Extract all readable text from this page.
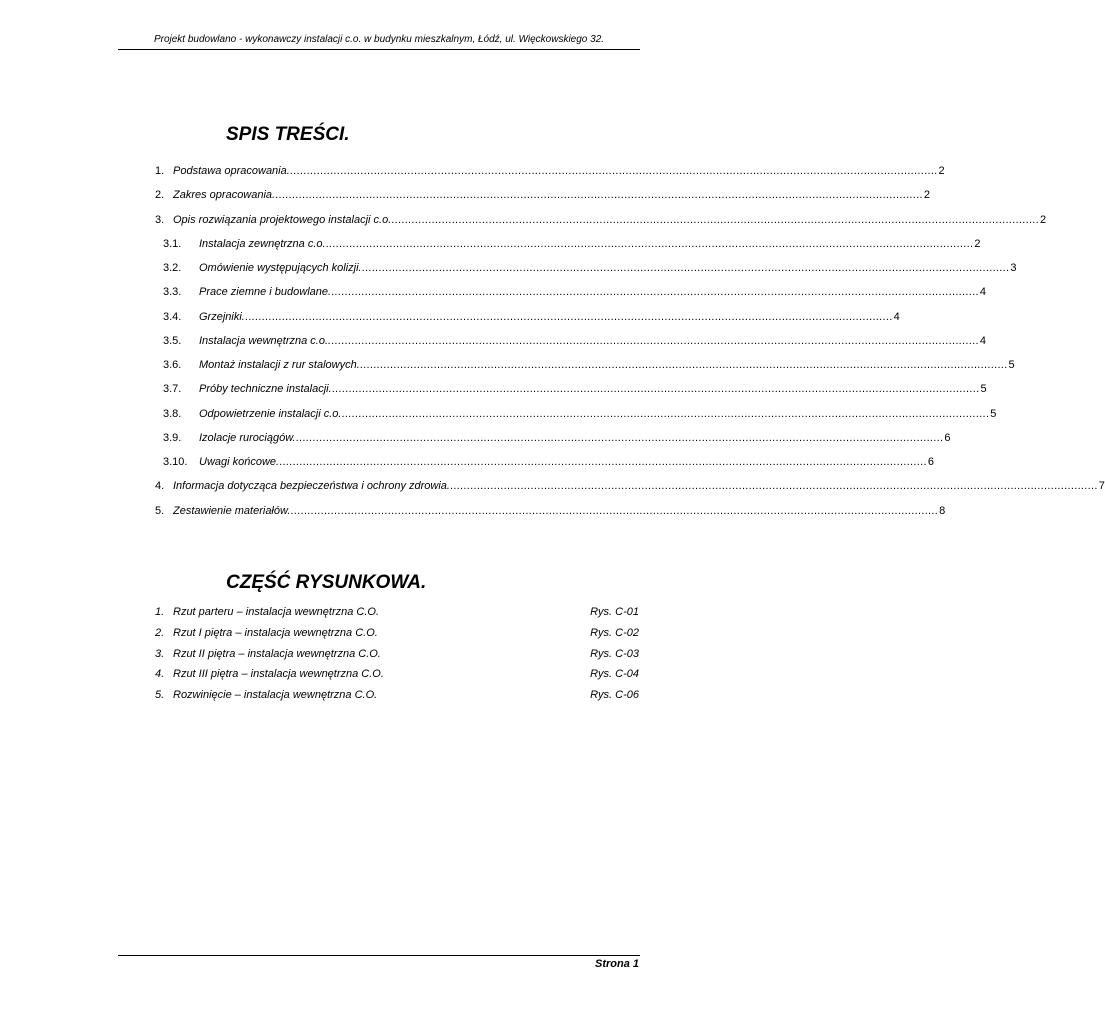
Projekt budowlano - wykonawczy instalacji c.o. w budynku mieszkalnym, Łódź, ul. Więckowskiego 32.
SPIS TREŚCI.
1. Podstawa opracowania. ................................................................................................................................................................................................. 2
2. Zakres opracowania. ................................................................................................................................................................................................. 2
3. Opis rozwiązania projektowego instalacji c.o. ................................................................................................................................................................................................. 2
3.1.	Instalacja zewnętrzna c.o. ................................................................................................................................................................................................. 2
3.2.	Omówienie występujących kolizji. ................................................................................................................................................................................................. 3
3.3.	Prace ziemne i budowlane. ................................................................................................................................................................................................. 4
3.4.	Grzejniki. ................................................................................................................................................................................................. 4
3.5.	Instalacja wewnętrzna c.o.. ................................................................................................................................................................................................. 4
3.6.	Montaż instalacji z rur stalowych. ................................................................................................................................................................................................. 5
3.7.	Próby techniczne instalacji. ................................................................................................................................................................................................. 5
3.8.	Odpowietrzenie instalacji c.o. ................................................................................................................................................................................................. 5
3.9.	Izolacje rurociągów. ................................................................................................................................................................................................. 6
3.10.	Uwagi końcowe. ................................................................................................................................................................................................. 6
4. Informacja dotycząca bezpieczeństwa i ochrony zdrowia. ................................................................................................................................................................................................. 7
5. Zestawienie materiałów. ................................................................................................................................................................................................. 8
CZĘŚĆ RYSUNKOWA.
1. Rzut parteru – instalacja wewnętrzna C.O.	Rys. C-01
2. Rzut I piętra – instalacja wewnętrzna C.O.	Rys. C-02
3. Rzut II piętra – instalacja wewnętrzna C.O.	Rys. C-03
4. Rzut III piętra – instalacja wewnętrzna C.O.	Rys. C-04
5. Rozwinięcie – instalacja wewnętrzna C.O.	Rys. C-06
Strona 1
